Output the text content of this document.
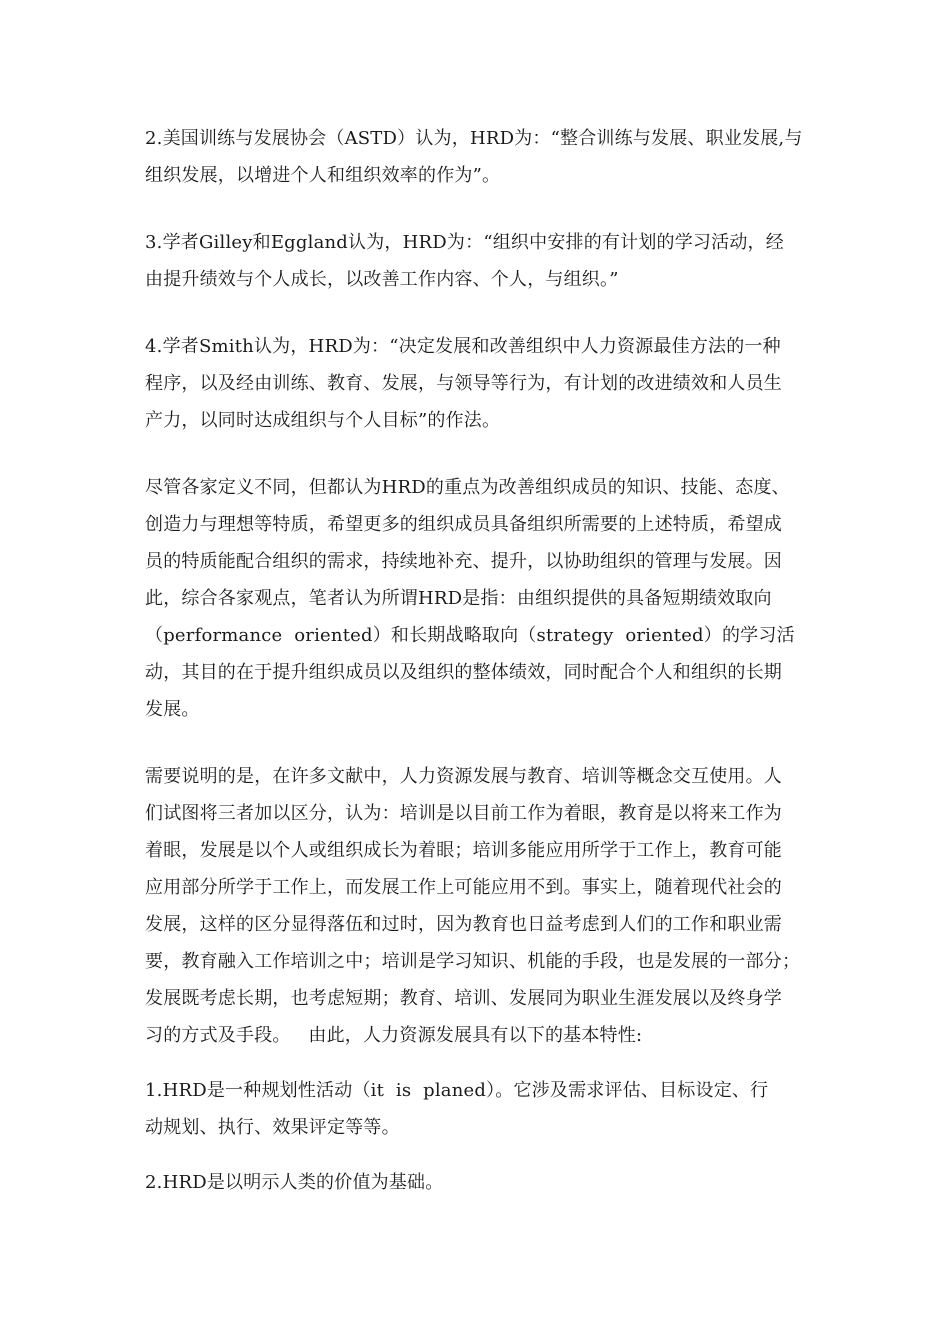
2.美国训练与发展协会（ASTD）认为，HRD为：“整合训练与发展、职业发展,与
组织发展，以增进个人和组织效率的作为”。

3.学者Gilley和Eggland认为，HRD为：“组织中安排的有计划的学习活动，经
由提升绩效与个人成长，以改善工作内容、个人，与组织。”

4.学者Smith认为，HRD为：“决定发展和改善组织中人力资源最佳方法的一种
程序，以及经由训练、教育、发展，与领导等行为，有计划的改进绩效和人员生
产力，以同时达成组织与个人目标”的作法。

尽管各家定义不同，但都认为HRD的重点为改善组织成员的知识、技能、态度、
创造力与理想等特质，希望更多的组织成员具备组织所需要的上述特质，希望成
员的特质能配合组织的需求，持续地补充、提升，以协助组织的管理与发展。因
此，综合各家观点，笔者认为所谓HRD是指：由组织提供的具备短期绩效取向
（performance  oriented）和长期战略取向（strategy  oriented）的学习活
动，其目的在于提升组织成员以及组织的整体绩效，同时配合个人和组织的长期
发展。

需要说明的是，在许多文献中，人力资源发展与教育、培训等概念交互使用。人
们试图将三者加以区分，认为：培训是以目前工作为着眼，教育是以将来工作为
着眼，发展是以个人或组织成长为着眼；培训多能应用所学于工作上，教育可能
应用部分所学于工作上，而发展工作上可能应用不到。事实上，随着现代社会的
发展，这样的区分显得落伍和过时，因为教育也日益考虑到人们的工作和职业需
要，教育融入工作培训之中；培训是学习知识、机能的手段，也是发展的一部分；
发展既考虑长期，也考虑短期；教育、培训、发展同为职业生涯发展以及终身学
习的方式及手段。   由此，人力资源发展具有以下的基本特性:

1.HRD是一种规划性活动（it  is  planed）。它涉及需求评估、目标设定、行
动规划、执行、效果评定等等。

2.HRD是以明示人类的价值为基础。
